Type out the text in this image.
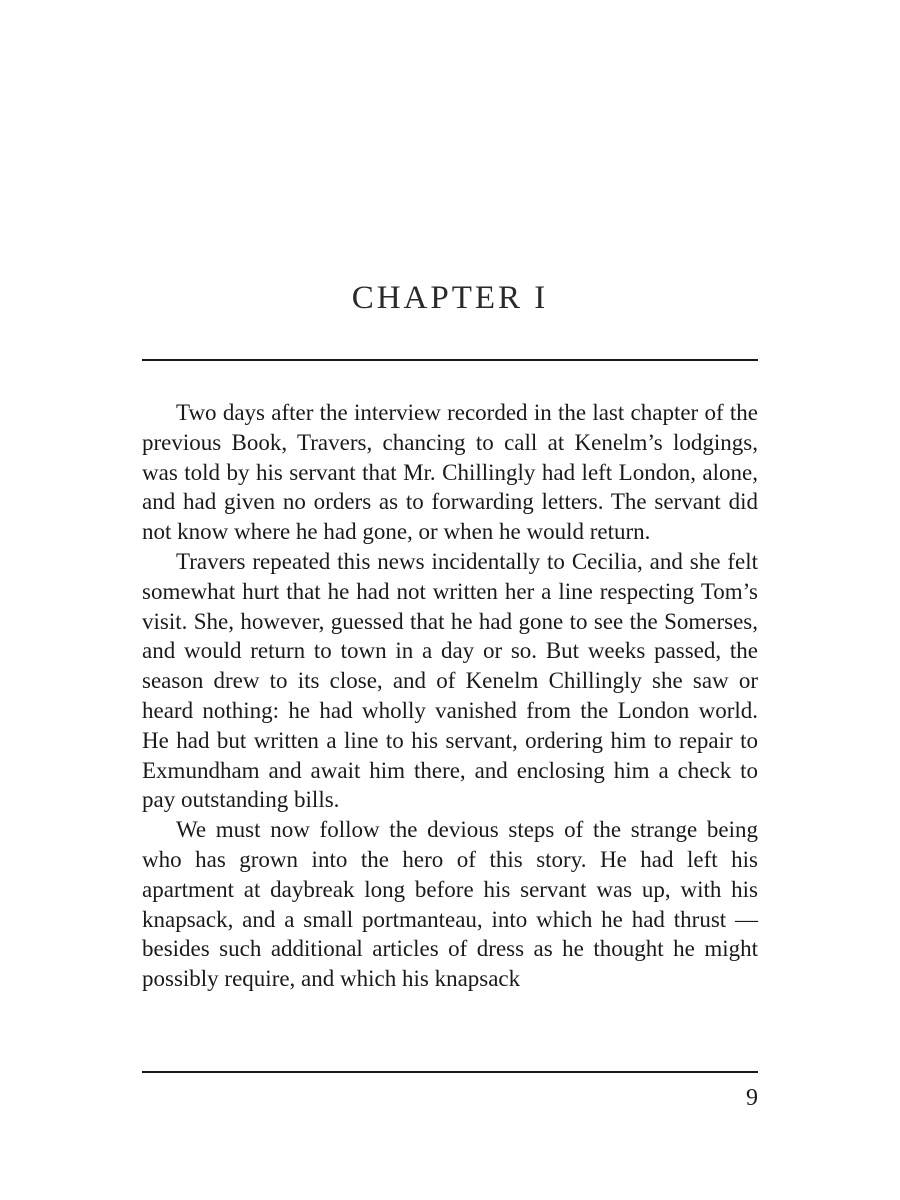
CHAPTER I

Two days after the interview recorded in the last chapter of the previous Book, Travers, chancing to call at Kenelm’s lodgings, was told by his servant that Mr. Chillingly had left London, alone, and had given no orders as to forwarding letters. The servant did not know where he had gone, or when he would return.

Travers repeated this news incidentally to Cecilia, and she felt somewhat hurt that he had not written her a line respecting Tom’s visit. She, however, guessed that he had gone to see the Somerses, and would return to town in a day or so. But weeks passed, the season drew to its close, and of Kenelm Chillingly she saw or heard nothing: he had wholly vanished from the London world. He had but written a line to his servant, ordering him to repair to Exmundham and await him there, and enclosing him a check to pay outstanding bills.

We must now follow the devious steps of the strange being who has grown into the hero of this story. He had left his apartment at daybreak long before his servant was up, with his knapsack, and a small portmanteau, into which he had thrust — besides such additional articles of dress as he thought he might possibly require, and which his knapsack

9
